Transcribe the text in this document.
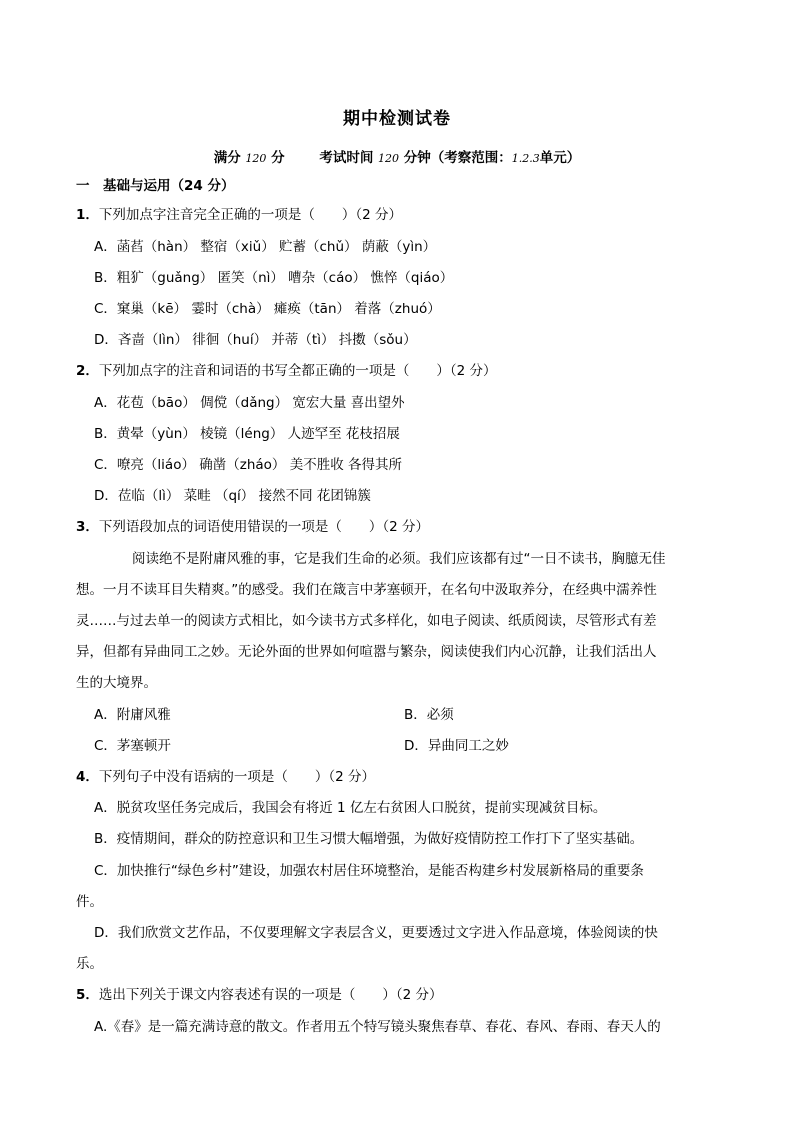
期中检测试卷
满分 120 分	考试时间 120 分钟（考察范围：1.2.3单元）
一　基础与运用（24 分）
1．下列加点字注音完全正确的一项是（　　）（2 分）
A．菡萏（hàn） 整宿（xiǔ） 贮蓄（chǔ） 荫蔽（yìn）
B．粗犷（guǎng） 匿笑（nì） 嘈杂（cáo） 憔悴（qiáo）
C．窠巢（kē） 霎时（chà） 瘫痪（tān） 着落（zhuó）
D．吝啬（lìn） 徘徊（huí） 并蒂（tì） 抖擞（sǒu）
2．下列加点字的注音和词语的书写全都正确的一项是（　　）（2 分）
A．花苞（bāo） 倜傥（dǎng） 宽宏大量 喜出望外
B．黄晕（yùn） 棱镜（léng） 人迹罕至 花枝招展
C．嘹亮（liáo） 确凿（zháo） 美不胜收 各得其所
D．莅临（lì） 菜畦 （qí） 接然不同 花团锦簇
3．下列语段加点的词语使用错误的一项是（　　）（2 分）
阅读绝不是附庸风雅的事，它是我们生命的必须。我们应该都有过“一日不读书，胸臆无佳
想。一月不读耳目失精爽。”的感受。我们在箴言中茅塞顿开，在名句中汲取养分，在经典中濡养性
灵……与过去单一的阅读方式相比，如今读书方式多样化，如电子阅读、纸质阅读，尽管形式有差
异，但都有异曲同工之妙。无论外面的世界如何喧嚣与繁杂，阅读使我们内心沉静，让我们活出人
生的大境界。
A．附庸风雅	B．必须
C．茅塞顿开	D．异曲同工之妙
4．下列句子中没有语病的一项是（　　）（2 分）
A．脱贫攻坚任务完成后，我国会有将近 1 亿左右贫困人口脱贫，提前实现减贫目标。
B．疫情期间，群众的防控意识和卫生习惯大幅增强，为做好疫情防控工作打下了坚实基础。
C．加快推行“绿色乡村”建设，加强农村居住环境整治，是能否构建乡村发展新格局的重要条
件。
D．我们欣赏文艺作品，不仅要理解文字表层含义，更要透过文字进入作品意境，体验阅读的快
乐。
5．选出下列关于课文内容表述有误的一项是（　　）（2 分）
A.《春》是一篇充满诗意的散文。作者用五个特写镜头聚焦春草、春花、春风、春雨、春天人的
